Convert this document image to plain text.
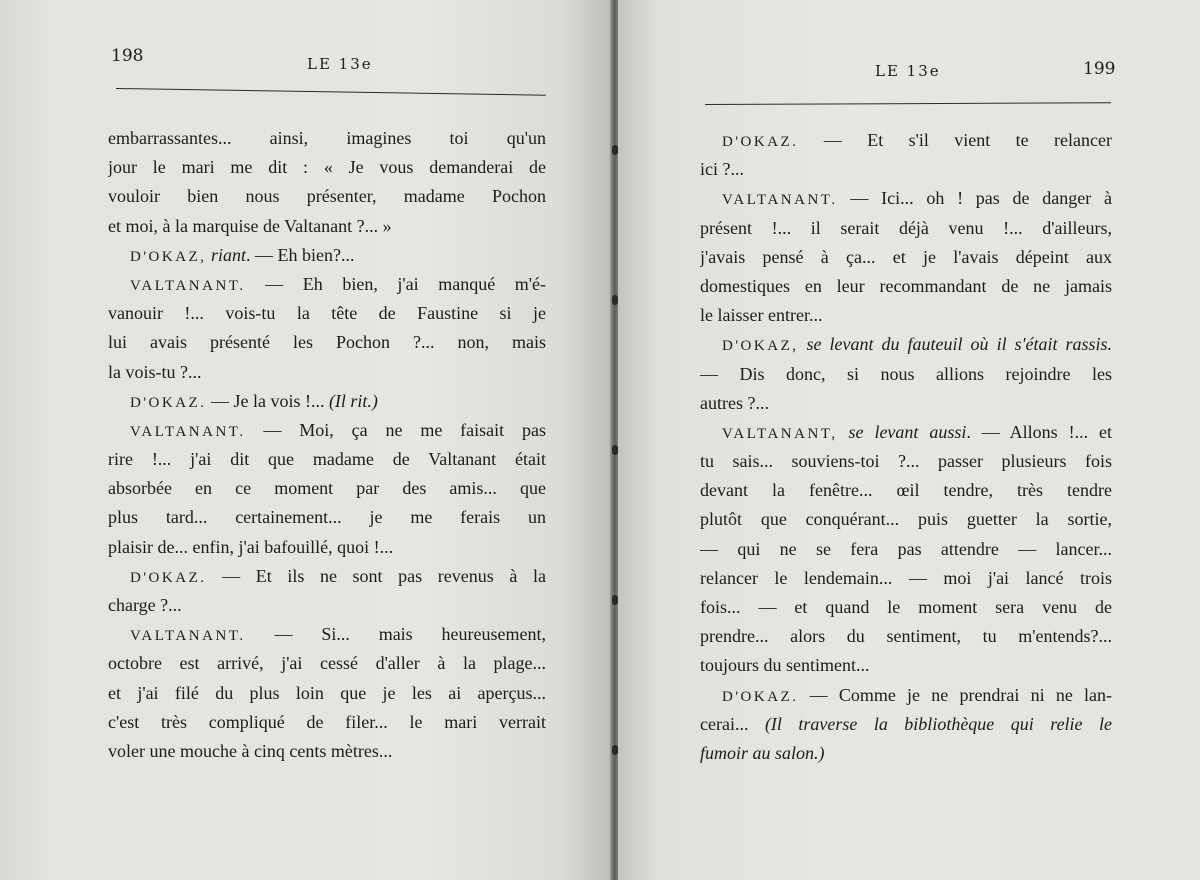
198	LE 13e
embarrassantes... ainsi, imagines toi qu'un
jour le mari me dit : « Je vous demanderai de
vouloir bien nous présenter, madame Pochon
et moi, à la marquise de Valtanant ?... »
D'OKAZ, riant. — Eh bien?...
VALTANANT. — Eh bien, j'ai manqué m'é-
vanouir !... vois-tu la tête de Faustine si je
lui avais présenté les Pochon ?... non, mais
la vois-tu ?...
D'OKAZ. — Je la vois !... (Il rit.)
VALTANANT. — Moi, ça ne me faisait pas
rire !... j'ai dit que madame de Valtanant était
absorbée en ce moment par des amis... que
plus tard... certainement... je me ferais un
plaisir de... enfin, j'ai bafouillé, quoi !...
D'OKAZ. — Et ils ne sont pas revenus à la
charge ?...
VALTANANT. — Si... mais heureusement,
octobre est arrivé, j'ai cessé d'aller à la plage...
et j'ai filé du plus loin que je les ai aperçus...
c'est très compliqué de filer... le mari verrait
voler une mouche à cinq cents mètres...
LE 13e	199
D'OKAZ. — Et s'il vient te relancer
ici ?...
VALTANANT. — Ici... oh ! pas de danger à
présent !... il serait déjà venu !... d'ailleurs,
j'avais pensé à ça... et je l'avais dépeint aux
domestiques en leur recommandant de ne jamais
le laisser entrer...
D'OKAZ, se levant du fauteuil où il s'était rassis.
— Dis donc, si nous allions rejoindre les
autres ?...
VALTANANT, se levant aussi. — Allons !... et
tu sais... souviens-toi ?... passer plusieurs fois
devant la fenêtre... œil tendre, très tendre
plutôt que conquérant... puis guetter la sortie,
— qui ne se fera pas attendre — lancer...
relancer le lendemain... — moi j'ai lancé trois
fois... — et quand le moment sera venu de
prendre... alors du sentiment, tu m'entends?...
toujours du sentiment...
D'OKAZ. — Comme je ne prendrai ni ne lan-
cerai... (Il traverse la bibliothèque qui relie le
fumoir au salon.)
